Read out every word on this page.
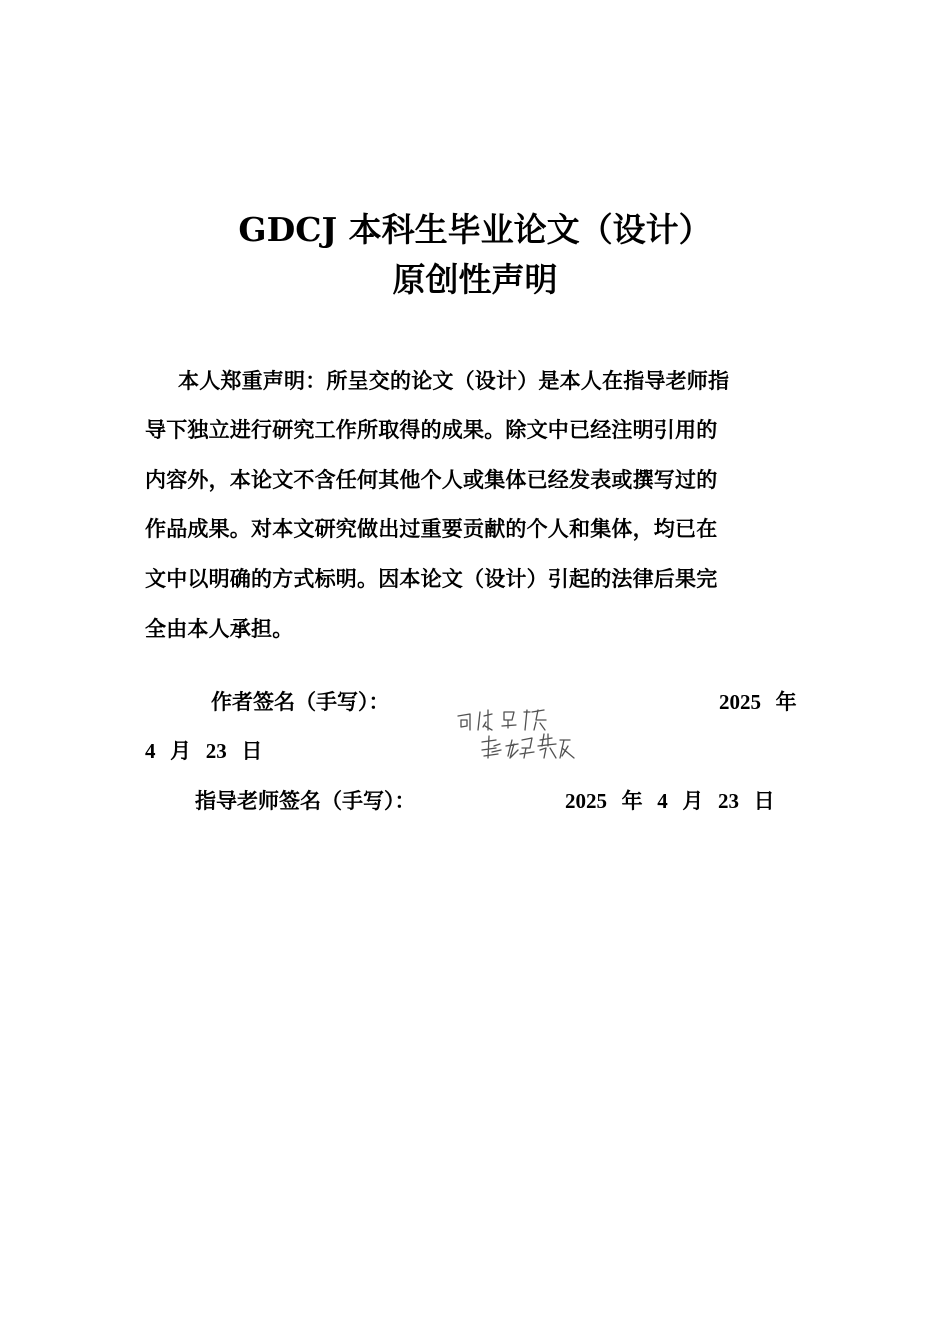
GDCJ 本科生毕业论文（设计）
原创性声明
本人郑重声明：所呈交的论文（设计）是本人在指导老师指
导下独立进行研究工作所取得的成果。除文中已经注明引用的
内容外，本论文不含任何其他个人或集体已经发表或撰写过的
作品成果。对本文研究做出过重要贡献的个人和集体，均已在
文中以明确的方式标明。因本论文（设计）引起的法律后果完
全由本人承担。
作者签名（手写）：	2025 年
4 月 23 日
指导老师签名（手写）：	2025 年 4 月 23 日
